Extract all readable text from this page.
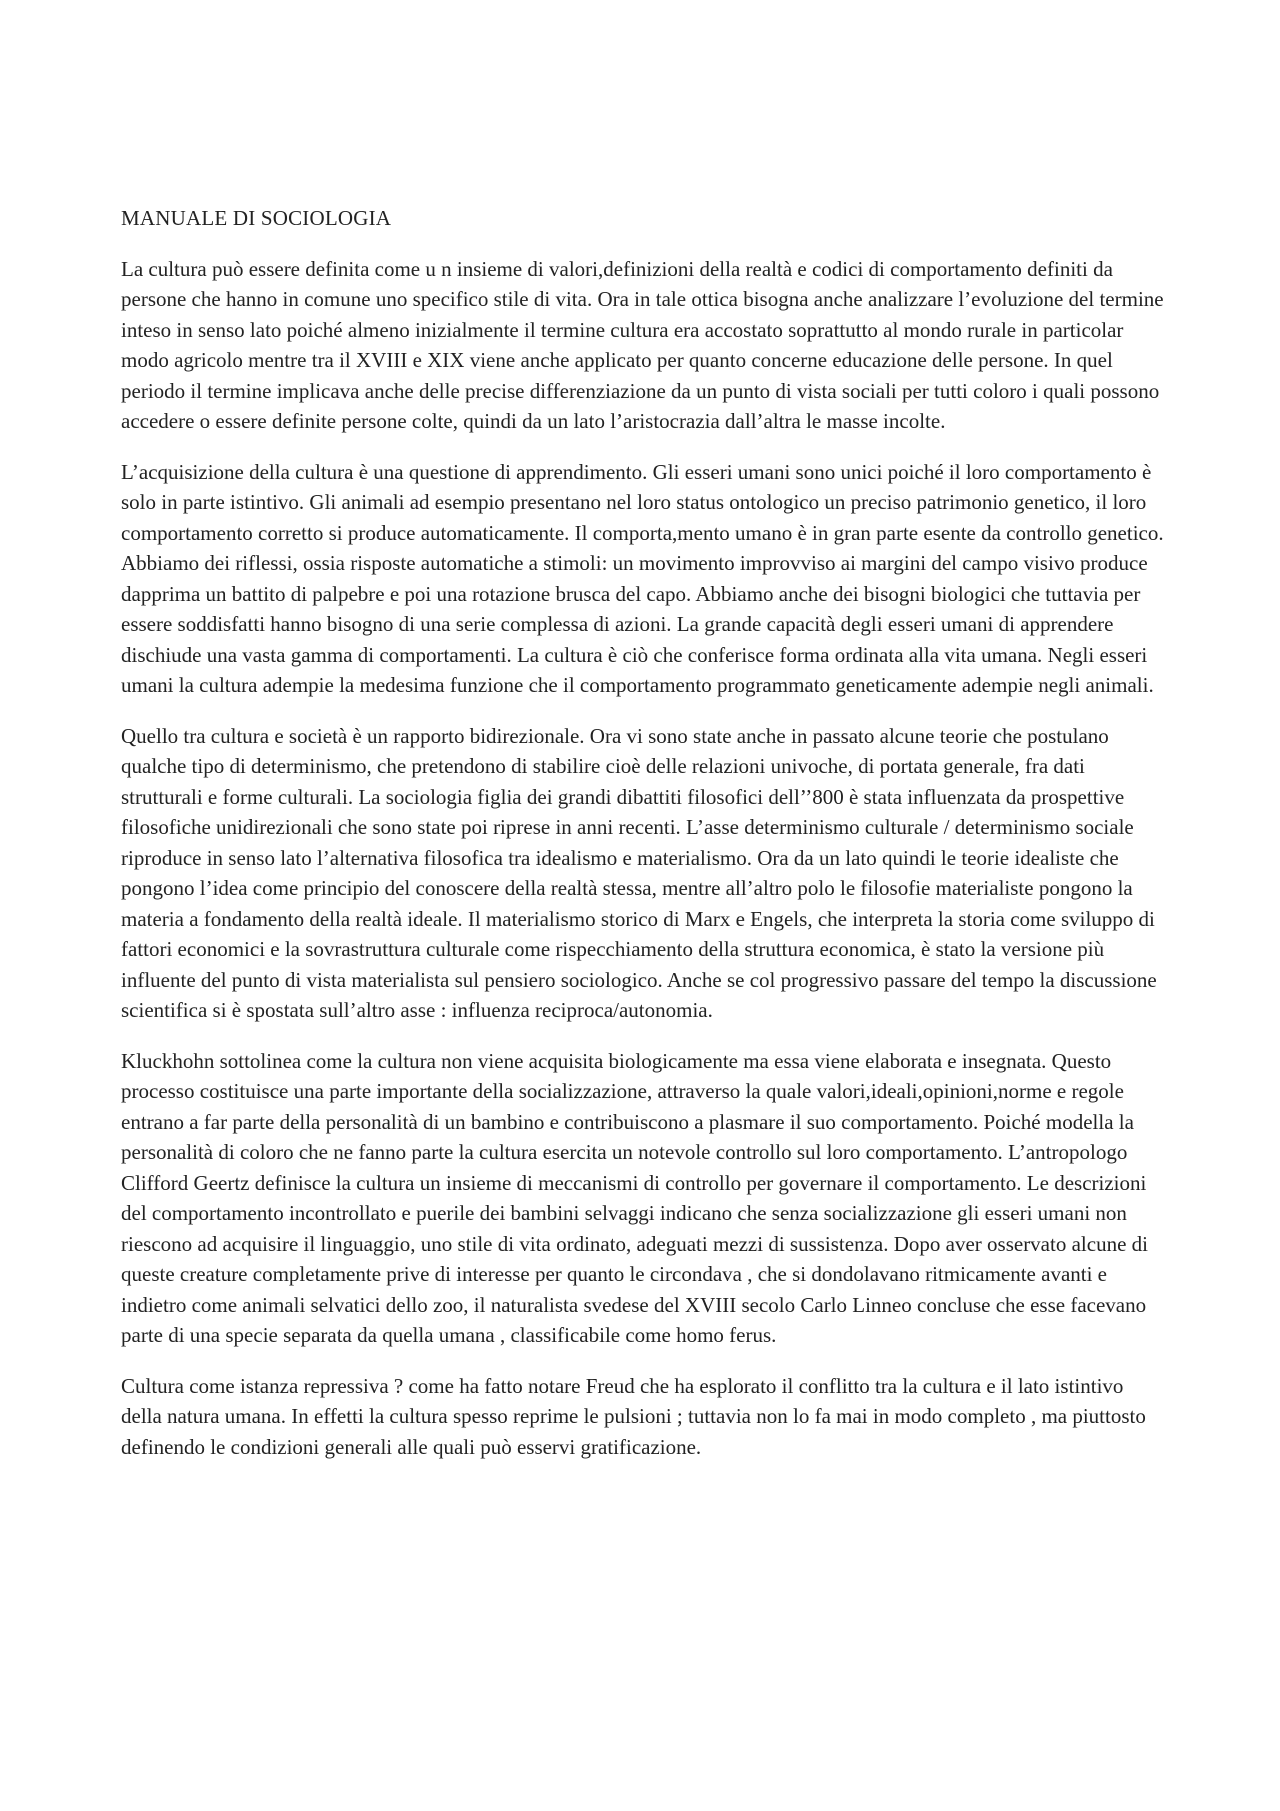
MANUALE DI SOCIOLOGIA

La cultura può essere definita come u n insieme di valori,definizioni della realtà e codici di comportamento definiti da persone che hanno in comune uno specifico stile di vita. Ora in tale ottica bisogna anche analizzare l’evoluzione del termine inteso in senso lato poiché almeno inizialmente il termine cultura era accostato soprattutto al mondo rurale in particolar modo agricolo mentre tra il XVIII e XIX viene anche applicato per quanto concerne educazione delle persone. In quel periodo il termine implicava anche delle precise differenziazione da un punto di vista sociali per tutti coloro i quali possono accedere o essere definite persone colte, quindi da un lato l’aristocrazia dall’altra le masse incolte.

L’acquisizione della cultura è una questione di apprendimento. Gli esseri umani sono unici poiché il loro comportamento è solo in parte istintivo. Gli animali ad esempio presentano nel loro status ontologico un preciso patrimonio genetico, il loro comportamento corretto si produce automaticamente. Il comporta,mento umano è in gran parte esente da controllo genetico. Abbiamo dei riflessi, ossia risposte automatiche a stimoli: un movimento improvviso ai margini del campo visivo produce dapprima un battito di palpebre e poi una rotazione brusca del capo. Abbiamo anche dei bisogni biologici che tuttavia per essere soddisfatti hanno bisogno di una serie complessa di azioni. La grande capacità degli esseri umani di apprendere dischiude una vasta gamma di comportamenti. La cultura è ciò che conferisce forma ordinata alla vita umana. Negli esseri umani la cultura adempie la medesima funzione che il comportamento programmato geneticamente adempie negli animali.

Quello tra cultura e società è un rapporto bidirezionale. Ora vi sono state anche in passato alcune teorie che postulano qualche tipo di determinismo, che pretendono di stabilire cioè delle relazioni univoche, di portata generale, fra dati strutturali e forme culturali. La sociologia figlia dei grandi dibattiti filosofici dell’’800 è stata influenzata da prospettive filosofiche unidirezionali che sono state poi riprese in anni recenti. L’asse determinismo culturale / determinismo sociale riproduce in senso lato l’alternativa filosofica tra idealismo e materialismo. Ora da un lato quindi le teorie idealiste che pongono l’idea come principio del conoscere della realtà stessa, mentre all’altro polo le filosofie materialiste pongono la materia a fondamento della realtà ideale. Il materialismo storico di Marx e Engels, che interpreta la storia come sviluppo di fattori economici e la sovrastruttura culturale come rispecchiamento della struttura economica, è stato la versione più influente del punto di vista materialista sul pensiero sociologico. Anche se col progressivo passare del tempo la discussione scientifica si è spostata sull’altro asse : influenza reciproca/autonomia.

Kluckhohn sottolinea come la cultura non viene acquisita biologicamente ma essa viene elaborata e insegnata. Questo processo costituisce una parte importante della socializzazione, attraverso la quale valori,ideali,opinioni,norme e regole entrano a far parte della personalità di un bambino e contribuiscono a plasmare il suo comportamento. Poiché modella la personalità di coloro che ne fanno parte la cultura esercita un notevole controllo sul loro comportamento. L’antropologo Clifford Geertz definisce la cultura un insieme di meccanismi di controllo per governare il comportamento. Le descrizioni del comportamento incontrollato e puerile dei bambini selvaggi indicano che senza socializzazione gli esseri umani non riescono ad acquisire il linguaggio, uno stile di vita ordinato, adeguati mezzi di sussistenza. Dopo aver osservato alcune di queste creature completamente prive di interesse per quanto le circondava , che si dondolavano ritmicamente avanti e indietro come animali selvatici dello zoo, il naturalista svedese del XVIII secolo Carlo Linneo concluse che esse facevano parte di una specie separata da quella umana , classificabile come homo ferus.

Cultura come istanza repressiva ? come ha fatto notare Freud che ha esplorato il conflitto tra la cultura e il lato istintivo della natura umana. In effetti la cultura spesso reprime le pulsioni ; tuttavia non lo fa mai in modo completo , ma piuttosto definendo le condizioni generali alle quali può esservi gratificazione.
